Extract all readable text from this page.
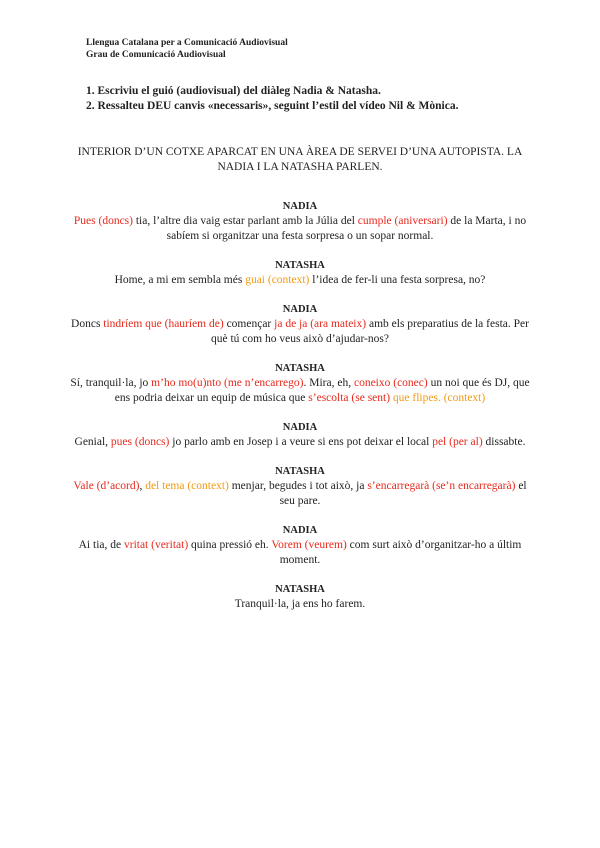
Llengua Catalana per a Comunicació Audiovisual
Grau de Comunicació Audiovisual
1. Escriviu el guió (audiovisual) del diàleg Nadia & Natasha.
2. Ressalteu DEU canvis «necessaris», seguint l’estil del vídeo Nil & Mònica.
INTERIOR D’UN COTXE APARCAT EN UNA ÀREA DE SERVEI D’UNA AUTOPISTA. LA NADIA I LA NATASHA PARLEN.
NADIA
Pues (doncs) tia, l’altre dia vaig estar parlant amb la Júlia del cumple (aniversari) de la Marta, i no sabíem si organitzar una festa sorpresa o un sopar normal.
NATASHA
Home, a mi em sembla més guai (context) l’idea de fer-li una festa sorpresa, no?
NADIA
Doncs tindríem que (hauríem de) començar ja de ja (ara mateix) amb els preparatius de la festa. Per què tú com ho veus això d’ajudar-nos?
NATASHA
Sí, tranquil·la, jo m’ho mo(u)nto (me n’encarrego). Mira, eh, coneixo (conec) un noi que és DJ, que ens podria deixar un equip de música que s’escolta (se sent) que flipes. (context)
NADIA
Genial, pues (doncs) jo parlo amb en Josep i a veure si ens pot deixar el local pel (per al) dissabte.
NATASHA
Vale (d’acord), del tema (context) menjar, begudes i tot això, ja s’encarregarà (se’n encarregarà) el seu pare.
NADIA
Ai tia, de vritat (veritat) quina pressió eh. Vorem (veurem) com surt això d’organitzar-ho a últim moment.
NATASHA
Tranquil·la, ja ens ho farem.
